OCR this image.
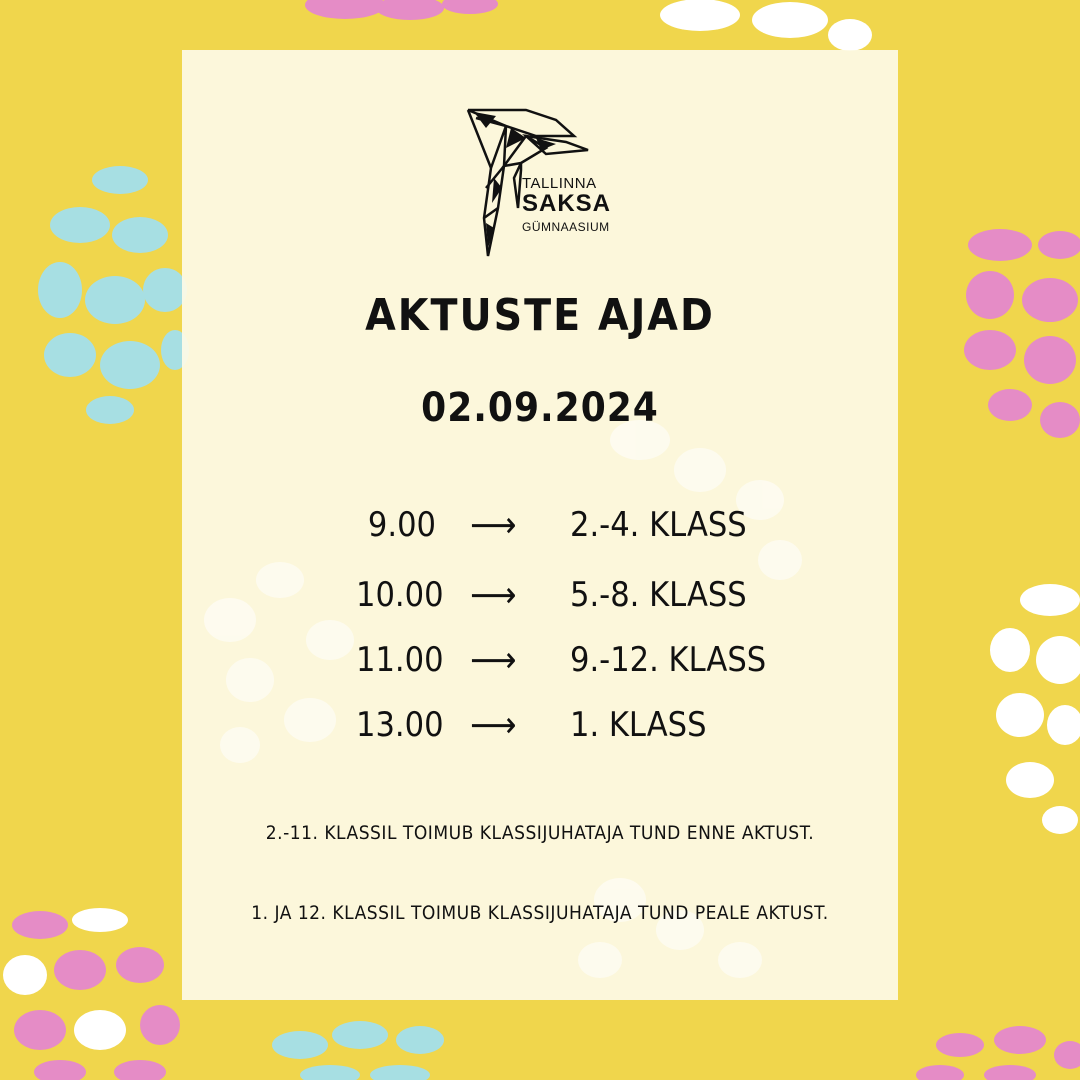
TALLINNA
SAKSA
GÜMNAASIUM
AKTUSTE AJAD
02.09.2024
9.00 ⟶ 2.-4. KLASS
10.00 ⟶ 5.-8. KLASS
11.00 ⟶ 9.-12. KLASS
13.00 ⟶ 1. KLASS
2.-11. KLASSIL TOIMUB KLASSIJUHATAJA TUND ENNE AKTUST.
1. JA 12. KLASSIL TOIMUB KLASSIJUHATAJA TUND PEALE AKTUST.
